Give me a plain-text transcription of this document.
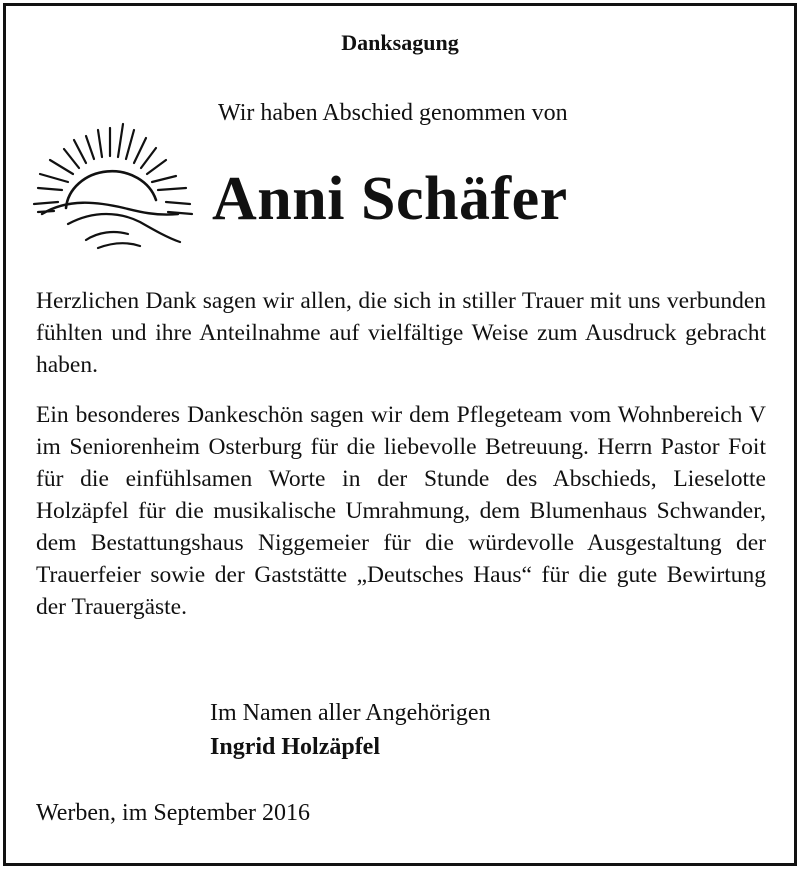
Danksagung
Wir haben Abschied genommen von
Anni Schäfer
Herzlichen Dank sagen wir allen, die sich in stiller Trauer mit uns verbunden fühlten und ihre Anteilnahme auf vielfältige Weise zum Ausdruck gebracht haben.
Ein besonderes Dankeschön sagen wir dem Pflegeteam vom Wohnbereich V im Seniorenheim Osterburg für die liebevolle Betreuung. Herrn Pastor Foit für die einfühlsamen Worte in der Stunde des Abschieds, Lieselotte Holzäpfel für die musikalische Umrahmung, dem Blumenhaus Schwander, dem Bestattungshaus Niggemeier für die würdevolle Ausgestaltung der Trauerfeier sowie der Gaststätte „Deutsches Haus“ für die gute Bewirtung der Trauergäste.
Im Namen aller Angehörigen
Ingrid Holzäpfel
Werben, im September 2016
